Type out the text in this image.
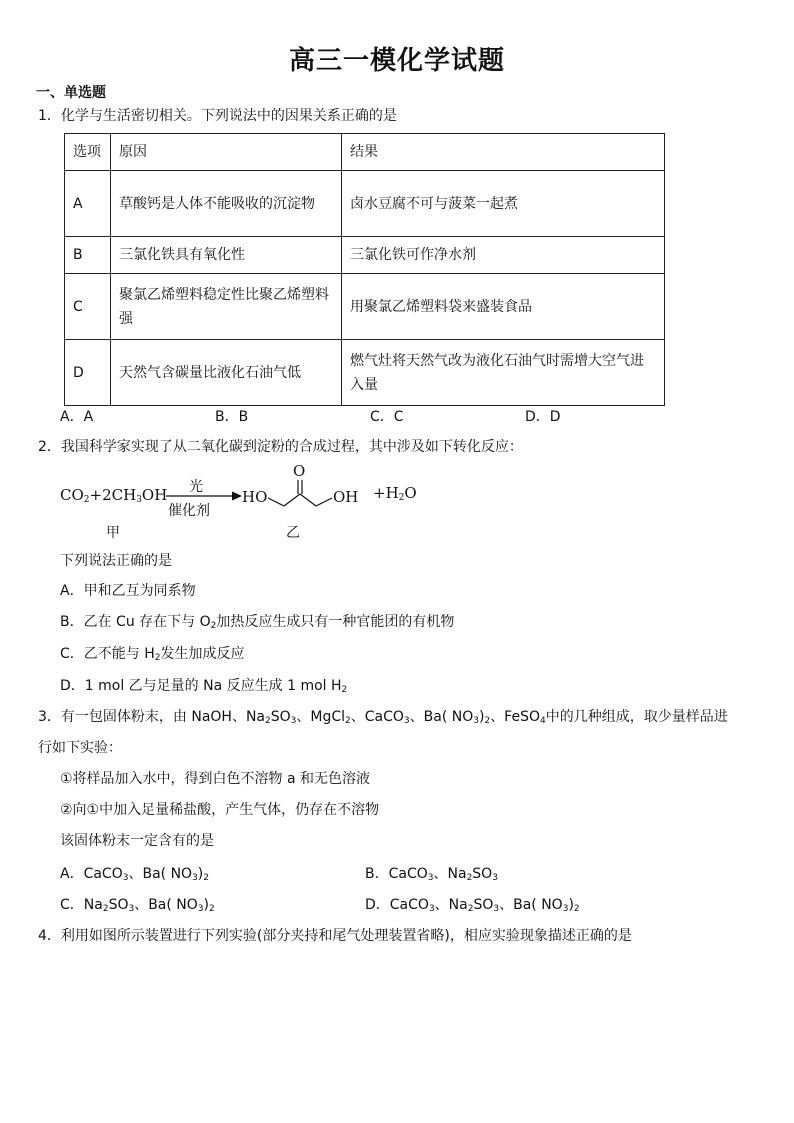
高三一模化学试题
一、单选题
1．化学与生活密切相关。下列说法中的因果关系正确的是
选项	原因	结果
A	草酸钙是人体不能吸收的沉淀物	卤水豆腐不可与菠菜一起煮
B	三氯化铁具有氧化性	三氯化铁可作净水剂
C	聚氯乙烯塑料稳定性比聚乙烯塑料强	用聚氯乙烯塑料袋来盛装食品
D	天然气含碳量比液化石油气低	燃气灶将天然气改为液化石油气时需增大空气进入量
A．A	B．B	C．C	D．D
2．我国科学家实现了从二氧化碳到淀粉的合成过程，其中涉及如下转化反应：
$CO_2+2CH_3OH$ 光
催化剂
HO
O
OH $+H_2O$
甲	乙
下列说法正确的是
A．甲和乙互为同系物
B．乙在 Cu 存在下与 $O_2$加热反应生成只有一种官能团的有机物
C．乙不能与 $H_2$发生加成反应
D．1 mol 乙与足量的 Na 反应生成 1 mol $H_2$
3．有一包固体粉末，由 NaOH、$Na_2SO_3$、MgCl$_2$、CaCO$_3$、Ba( $NO_3)_2$、FeSO$_4$中的几种组成，取少量样品进
行如下实验：
①将样品加入水中，得到白色不溶物 a 和无色溶液
②向①中加入足量稀盐酸，产生气体，仍存在不溶物
该固体粉末一定含有的是
A．CaCO$_3$、Ba( $NO_3)_2$	B．CaCO$_3$、$Na_2SO_3$
C．$Na_2SO_3$、Ba( $NO_3)_2$	D．CaCO$_3$、$Na_2SO_3$、Ba( $NO_3)_2$
4．利用如图所示装置进行下列实验(部分夹持和尾气处理装置省略)，相应实验现象描述正确的是
